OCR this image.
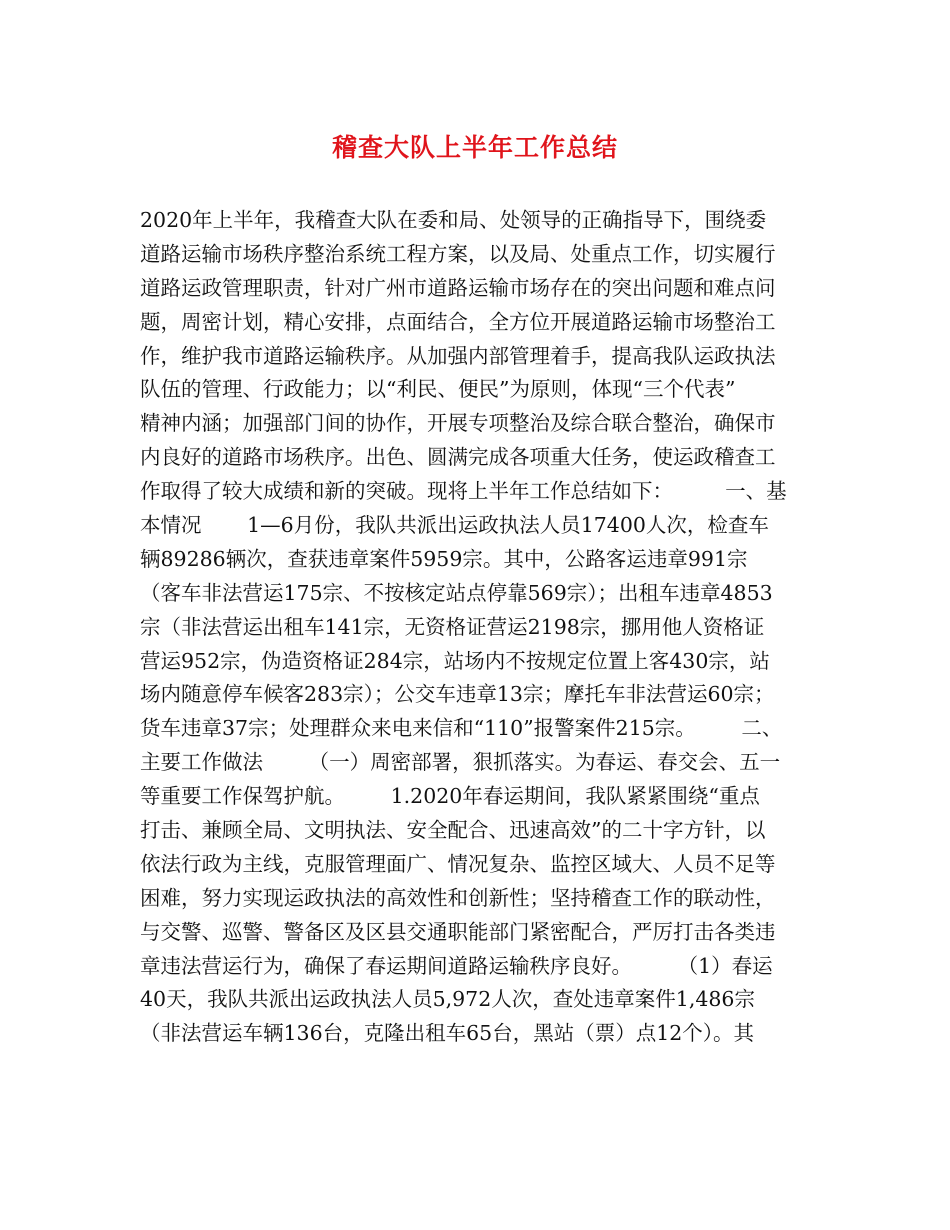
稽查大队上半年工作总结
2020年上半年，我稽查大队在委和局、处领导的正确指导下，围绕委
道路运输市场秩序整治系统工程方案，以及局、处重点工作，切实履行
道路运政管理职责，针对广州市道路运输市场存在的突出问题和难点问
题，周密计划，精心安排，点面结合，全方位开展道路运输市场整治工
作，维护我市道路运输秩序。从加强内部管理着手，提高我队运政执法
队伍的管理、行政能力；以“利民、便民”为原则，体现“三个代表”
精神内涵；加强部门间的协作，开展专项整治及综合联合整治，确保市
内良好的道路市场秩序。出色、圆满完成各项重大任务，使运政稽查工
作取得了较大成绩和新的突破。现将上半年工作总结如下：        一、基
本情况       1—6月份，我队共派出运政执法人员17400人次，检查车
辆89286辆次，查获违章案件5959宗。其中，公路客运违章991宗
（客车非法营运175宗、不按核定站点停靠569宗）；出租车违章4853
宗（非法营运出租车141宗，无资格证营运2198宗，挪用他人资格证
营运952宗，伪造资格证284宗，站场内不按规定位置上客430宗，站
场内随意停车候客283宗）；公交车违章13宗；摩托车非法营运60宗；
货车违章37宗；处理群众来电来信和“110”报警案件215宗。       二、
主要工作做法       （一）周密部署，狠抓落实。为春运、春交会、五一
等重要工作保驾护航。       1.2020年春运期间，我队紧紧围绕“重点
打击、兼顾全局、文明执法、安全配合、迅速高效”的二十字方针，以
依法行政为主线，克服管理面广、情况复杂、监控区域大、人员不足等
困难，努力实现运政执法的高效性和创新性；坚持稽查工作的联动性，
与交警、巡警、警备区及区县交通职能部门紧密配合，严厉打击各类违
章违法营运行为，确保了春运期间道路运输秩序良好。       （1）春运
40天，我队共派出运政执法人员5,972人次，查处违章案件1,486宗
（非法营运车辆136台，克隆出租车65台，黑站（票）点12个）。其
